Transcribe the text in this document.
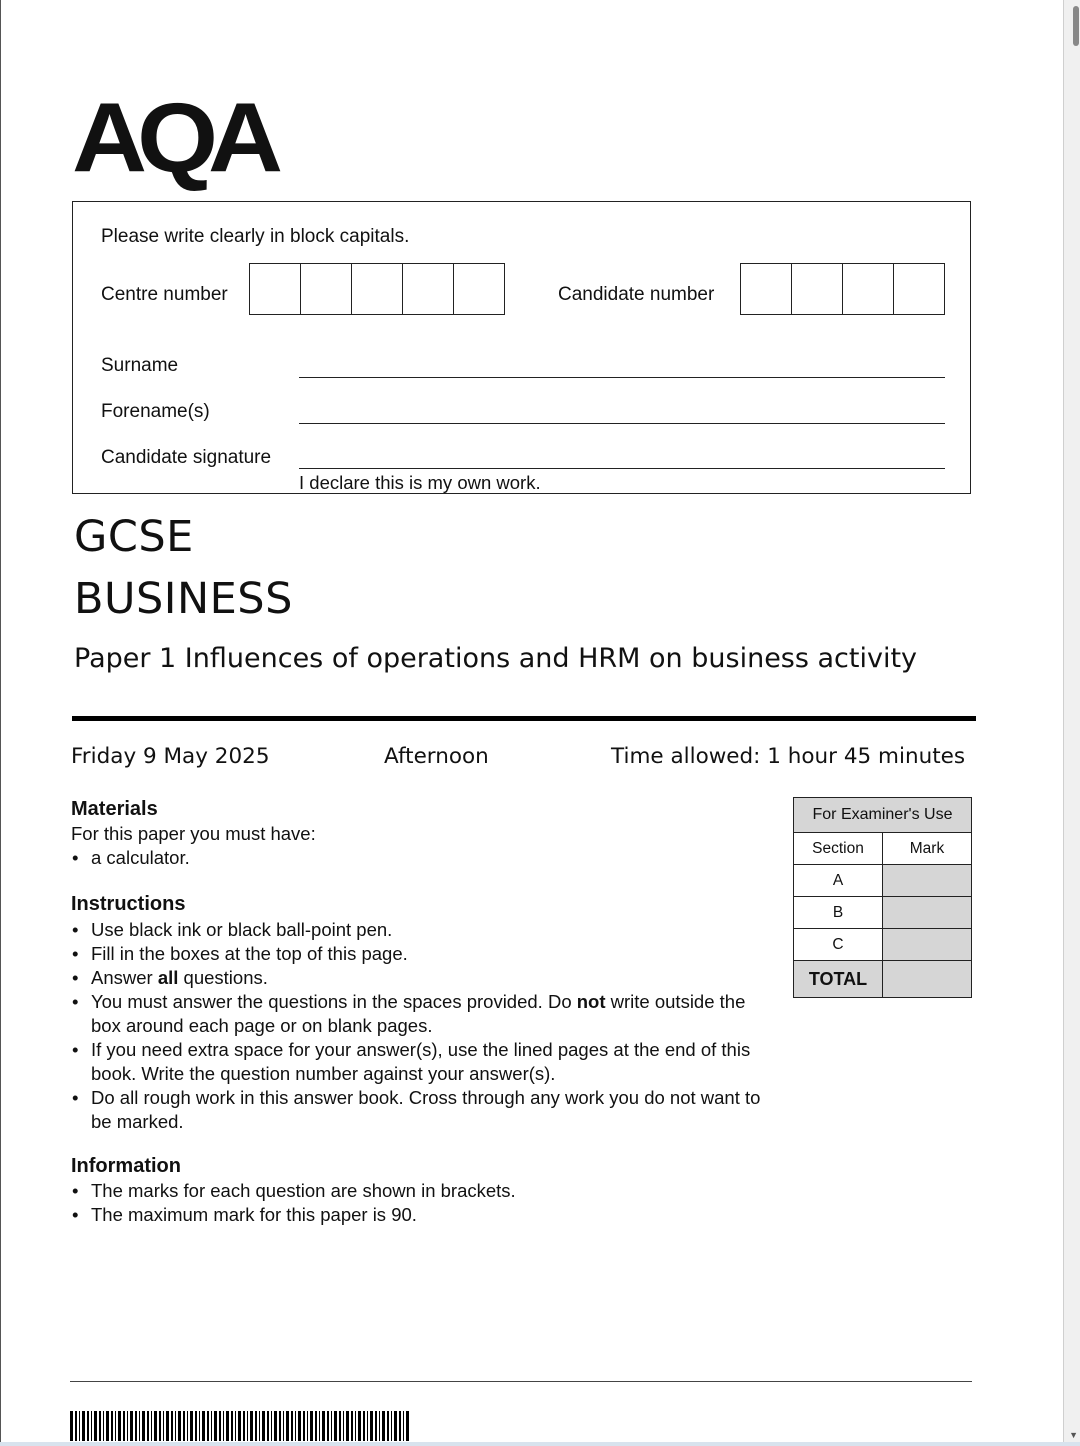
▼
AQA
Please write clearly in block capitals.
Centre number	Candidate number
Surname
Forename(s)
Candidate signature
I declare this is my own work.
GCSE
BUSINESS
Paper 1 Influences of operations and HRM on business activity
Friday 9 May 2025	Afternoon	Time allowed: 1 hour 45 minutes
Materials
For this paper you must have:
• a calculator.
Instructions
• Use black ink or black ball-point pen.
• Fill in the boxes at the top of this page.
• Answer all questions.
• You must answer the questions in the spaces provided. Do not write outside the box around each page or on blank pages.
• If you need extra space for your answer(s), use the lined pages at the end of this book. Write the question number against your answer(s).
• Do all rough work in this answer book. Cross through any work you do not want to be marked.
Information
• The marks for each question are shown in brackets.
• The maximum mark for this paper is 90.
For Examiner's Use
Section	Mark
A
B
C
TOTAL
